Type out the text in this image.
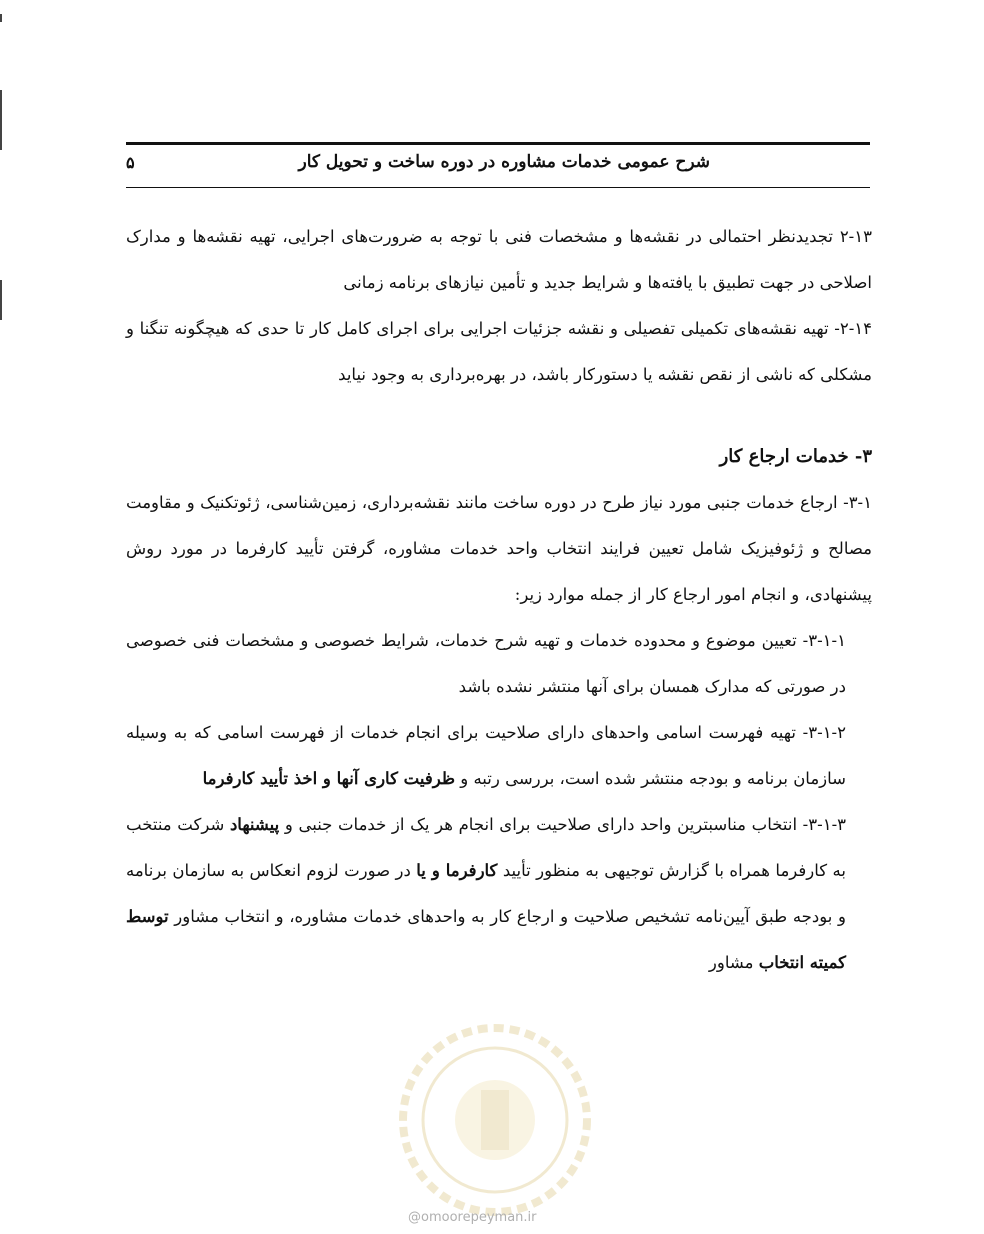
شرح عمومی خدمات مشاوره در دوره ساخت و تحویل کار
۵

۲-۱۳ تجدیدنظر احتمالی در نقشه‌ها و مشخصات فنی با توجه به ضرورت‌های اجرایی، تهیه نقشه‌ها و مدارک اصلاحی در جهت تطبیق با یافته‌ها و شرایط جدید و تأمین نیازهای برنامه زمانی

۲-۱۴- تهیه نقشه‌های تکمیلی تفصیلی و نقشه جزئیات اجرایی برای اجرای کامل کار تا حدی که هیچگونه تنگنا و مشکلی که ناشی از نقص نقشه یا دستورکار باشد، در بهره‌برداری به وجود نیاید

۳- خدمات ارجاع کار

۳-۱- ارجاع خدمات جنبی مورد نیاز طرح در دوره ساخت مانند نقشه‌برداری، زمین‌شناسی، ژئوتکنیک و مقاومت مصالح و ژئوفیزیک شامل تعیین فرایند انتخاب واحد خدمات مشاوره، گرفتن تأیید کارفرما در مورد روش پیشنهادی، و انجام امور ارجاع کار از جمله موارد زیر:

۳-۱-۱- تعیین موضوع و محدوده خدمات و تهیه شرح خدمات، شرایط خصوصی و مشخصات فنی خصوصی در صورتی که مدارک همسان برای آنها منتشر نشده باشد

۳-۱-۲- تهیه فهرست اسامی واحدهای دارای صلاحیت برای انجام خدمات از فهرست اسامی که به وسیله سازمان برنامه و بودجه منتشر شده است، بررسی رتبه و ظرفیت کاری آنها و اخذ تأیید کارفرما

۳-۱-۳- انتخاب مناسبترین واحد دارای صلاحیت برای انجام هر یک از خدمات جنبی و پیشنهاد شرکت منتخب به کارفرما همراه با گزارش توجیهی به منظور تأیید کارفرما و یا در صورت لزوم انعکاس به سازمان برنامه و بودجه طبق آیین‌نامه تشخیص صلاحیت و ارجاع کار به واحدهای خدمات مشاوره، و انتخاب مشاور توسط کمیته انتخاب مشاور

@omoorepeyman.ir
